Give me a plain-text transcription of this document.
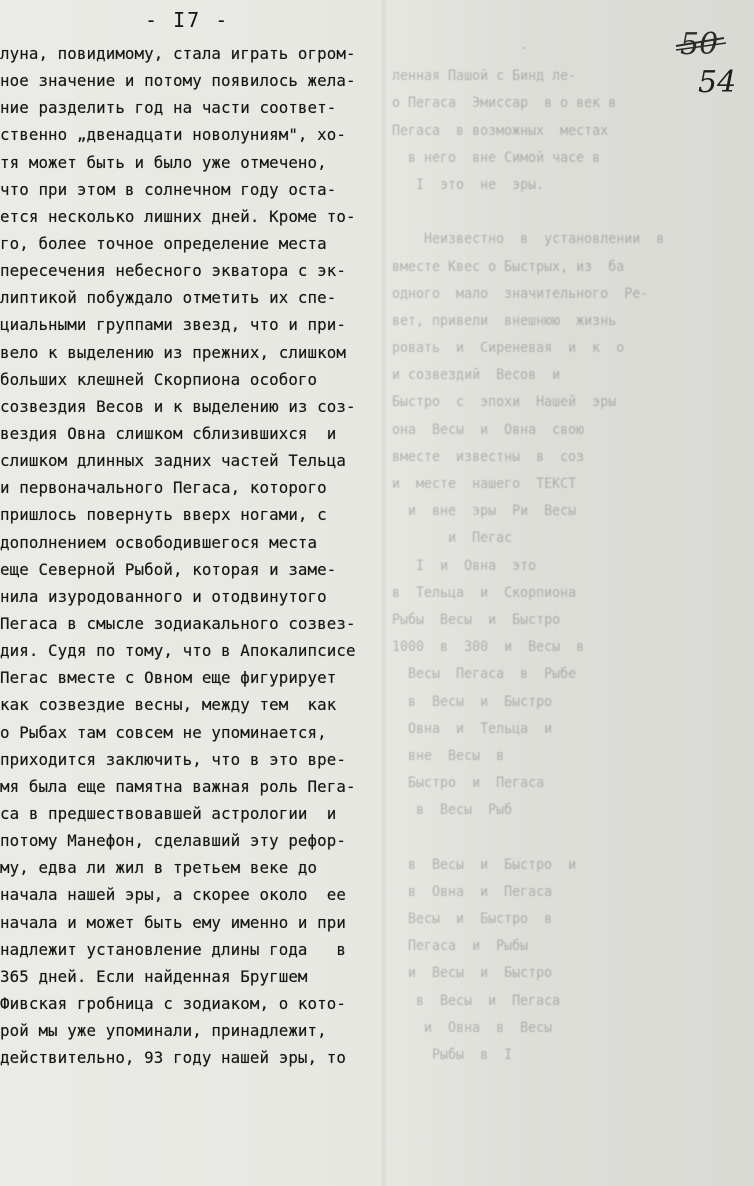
·
ленная Пашой с Бинд ле-
о Пегаса  Эмиссар  в о век в
Пегаса  в возможных  местах
в него  вне Симой часе в
I  это  не  эры.
Неизвестно  в  установлении  в
вместе Квес о Быстрых, из  ба
одного  мало  значительного  Ре-
вет, привели  внешнюю  жизнь
ровать  и  Сиреневая  и  к  о
и созвездий  Весов  и
Быстро  с  эпохи  Нашей  эры
она  Весы  и  Овна  свою
вместе  известны  в  соз
и  месте  нашего  ТЕКСТ
и  вне  эры  Ри  Весы
и  Пегас
I  и  Овна  это
в  Тельца  и  Скорпиона
Рыбы  Весы  и  Быстро
1000  в  300  и  Весы  в
Весы  Пегаса  в  Рыбе
в  Весы  и  Быстро
Овна  и  Тельца  и
вне  Весы  в
Быстро  и  Пегаса
в  Весы  Рыб
в  Весы  и  Быстро  и
в  Овна  и  Пегаса
Весы  и  Быстро  в
Пегаса  и  Рыбы
и  Весы  и  Быстро
в  Весы  и  Пегаса
и  Овна  в  Весы
Рыбы  в  I
- I7 -
50
54
луна, повидимому, стала играть огром-
ное значение и потому появилось жела-
ние разделить год на части соответ-
ственно „двенадцати новолуниям", хо-
тя может быть и было уже отмечено,
что при этом в солнечном году оста-
ется несколько лишних дней. Кроме то-
го, более точное определение места
пересечения небесного экватора с эк-
липтикой побуждало отметить их спе-
циальными группами звезд, что и при-
вело к выделению из прежних, слишком
больших клешней Скорпиона особого
созвездия Весов и к выделению из соз-
вездия Овна слишком сблизившихся  и
слишком длинных задних частей Тельца
и первоначального Пегаса, которого
пришлось повернуть вверх ногами, с
дополнением освободившегося места
еще Северной Рыбой, которая и заме-
нила изуродованного и отодвинутого
Пегаса в смысле зодиакального созвез-
дия. Судя по тому, что в Апокалипсисе
Пегас вместе с Овном еще фигурирует
как созвездие весны, между тем  как
о Рыбах там совсем не упоминается,
приходится заключить, что в это вре-
мя была еще памятна важная роль Пега-
са в предшествовавшей астрологии  и
потому Манефон, сделавший эту рефор-
му, едва ли жил в третьем веке до
начала нашей эры, а скорее около  ее
начала и может быть ему именно и при
надлежит установление длины года   в
365 дней. Если найденная Бругшем
Фивская гробница с зодиаком, о кото-
рой мы уже упоминали, принадлежит,
действительно, 93 году нашей эры, то
